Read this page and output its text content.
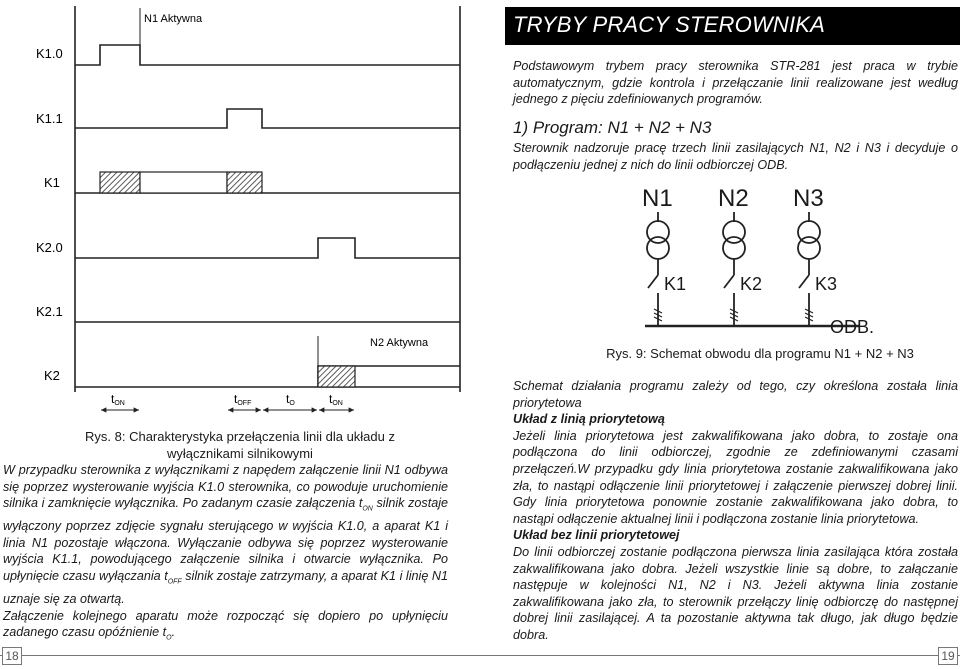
K1.0
K1.1
K1
K2.0
K2.1
K2
N1 Aktywna
N2 Aktywna
tON	tOFF	tO	tON
Rys. 8: Charakterystyka przełączenia linii dla układu z
wyłącznikami silnikowymi

W przypadku sterownika z wyłącznikami z napędem załączenie linii N1 odbywa się poprzez wysterowanie wyjścia K1.0 sterownika, co powoduje uruchomienie silnika i zamknięcie wyłącznika. Po zadanym czasie załączenia $t_{ON}$ silnik zostaje wyłączony poprzez zdjęcie sygnału sterującego w wyjścia K1.0, a aparat K1 i linia N1 pozostaje włączona. Wyłączanie odbywa się poprzez wysterowanie wyjścia K1.1, powodującego załączenie silnika i otwarcie wyłącznika. Po upłynięcie czasu wyłączania $t_{OFF}$ silnik zostaje zatrzymany, a aparat K1 i linię N1 uznaje się za otwartą.

Załączenie kolejnego aparatu może rozpocząć się dopiero po upłynięciu zadanego czasu opóźnienie $t_O$.

TRYBY PRACY STEROWNIKA
Podstawowym trybem pracy sterownika STR-281 jest praca w trybie automatycznym, gdzie kontrola i przełączanie linii realizowane jest według jednego z pięciu zdefiniowanych programów.
1) Program: N1 + N2 + N3
Sterownik nadzoruje pracę trzech linii zasilających N1, N2 i N3 i decyduje o podłączeniu jednej z nich do linii odbiorczej ODB.
N1 N2 N3
K1	K2	K3
ODB.
Rys. 9: Schemat obwodu dla programu N1 + N2 + N3

Schemat działania programu zależy od tego, czy określona została linia priorytetowa

Układ z linią priorytetową

Jeżeli linia priorytetowa jest zakwalifikowana jako dobra, to zostaje ona podłączona do linii odbiorczej, zgodnie ze zdefiniowanymi czasami przełączeń.W przypadku gdy linia priorytetowa zostanie zakwalifikowana jako zła, to nastąpi odłączenie linii priorytetowej i załączenie pierwszej dobrej linii. Gdy linia priorytetowa ponownie zostanie zakwalifikowana jako dobra, to nastąpi odłączenie aktualnej linii i podłączona zostanie linia priorytetowa.

Układ bez linii priorytetowej

Do linii odbiorczej zostanie podłączona pierwsza linia zasilająca która została zakwalifikowana jako dobra. Jeżeli wszystkie linie są dobre, to załączanie następuje w kolejności N1, N2 i N3. Jeżeli aktywna linia zostanie zakwalifikowana jako zła, to sterownik przełączy linię odbiorczę do następnej dobrej linii zasilającej. A ta pozostanie aktywna tak długo, jak długo będzie dobra.

18	19
